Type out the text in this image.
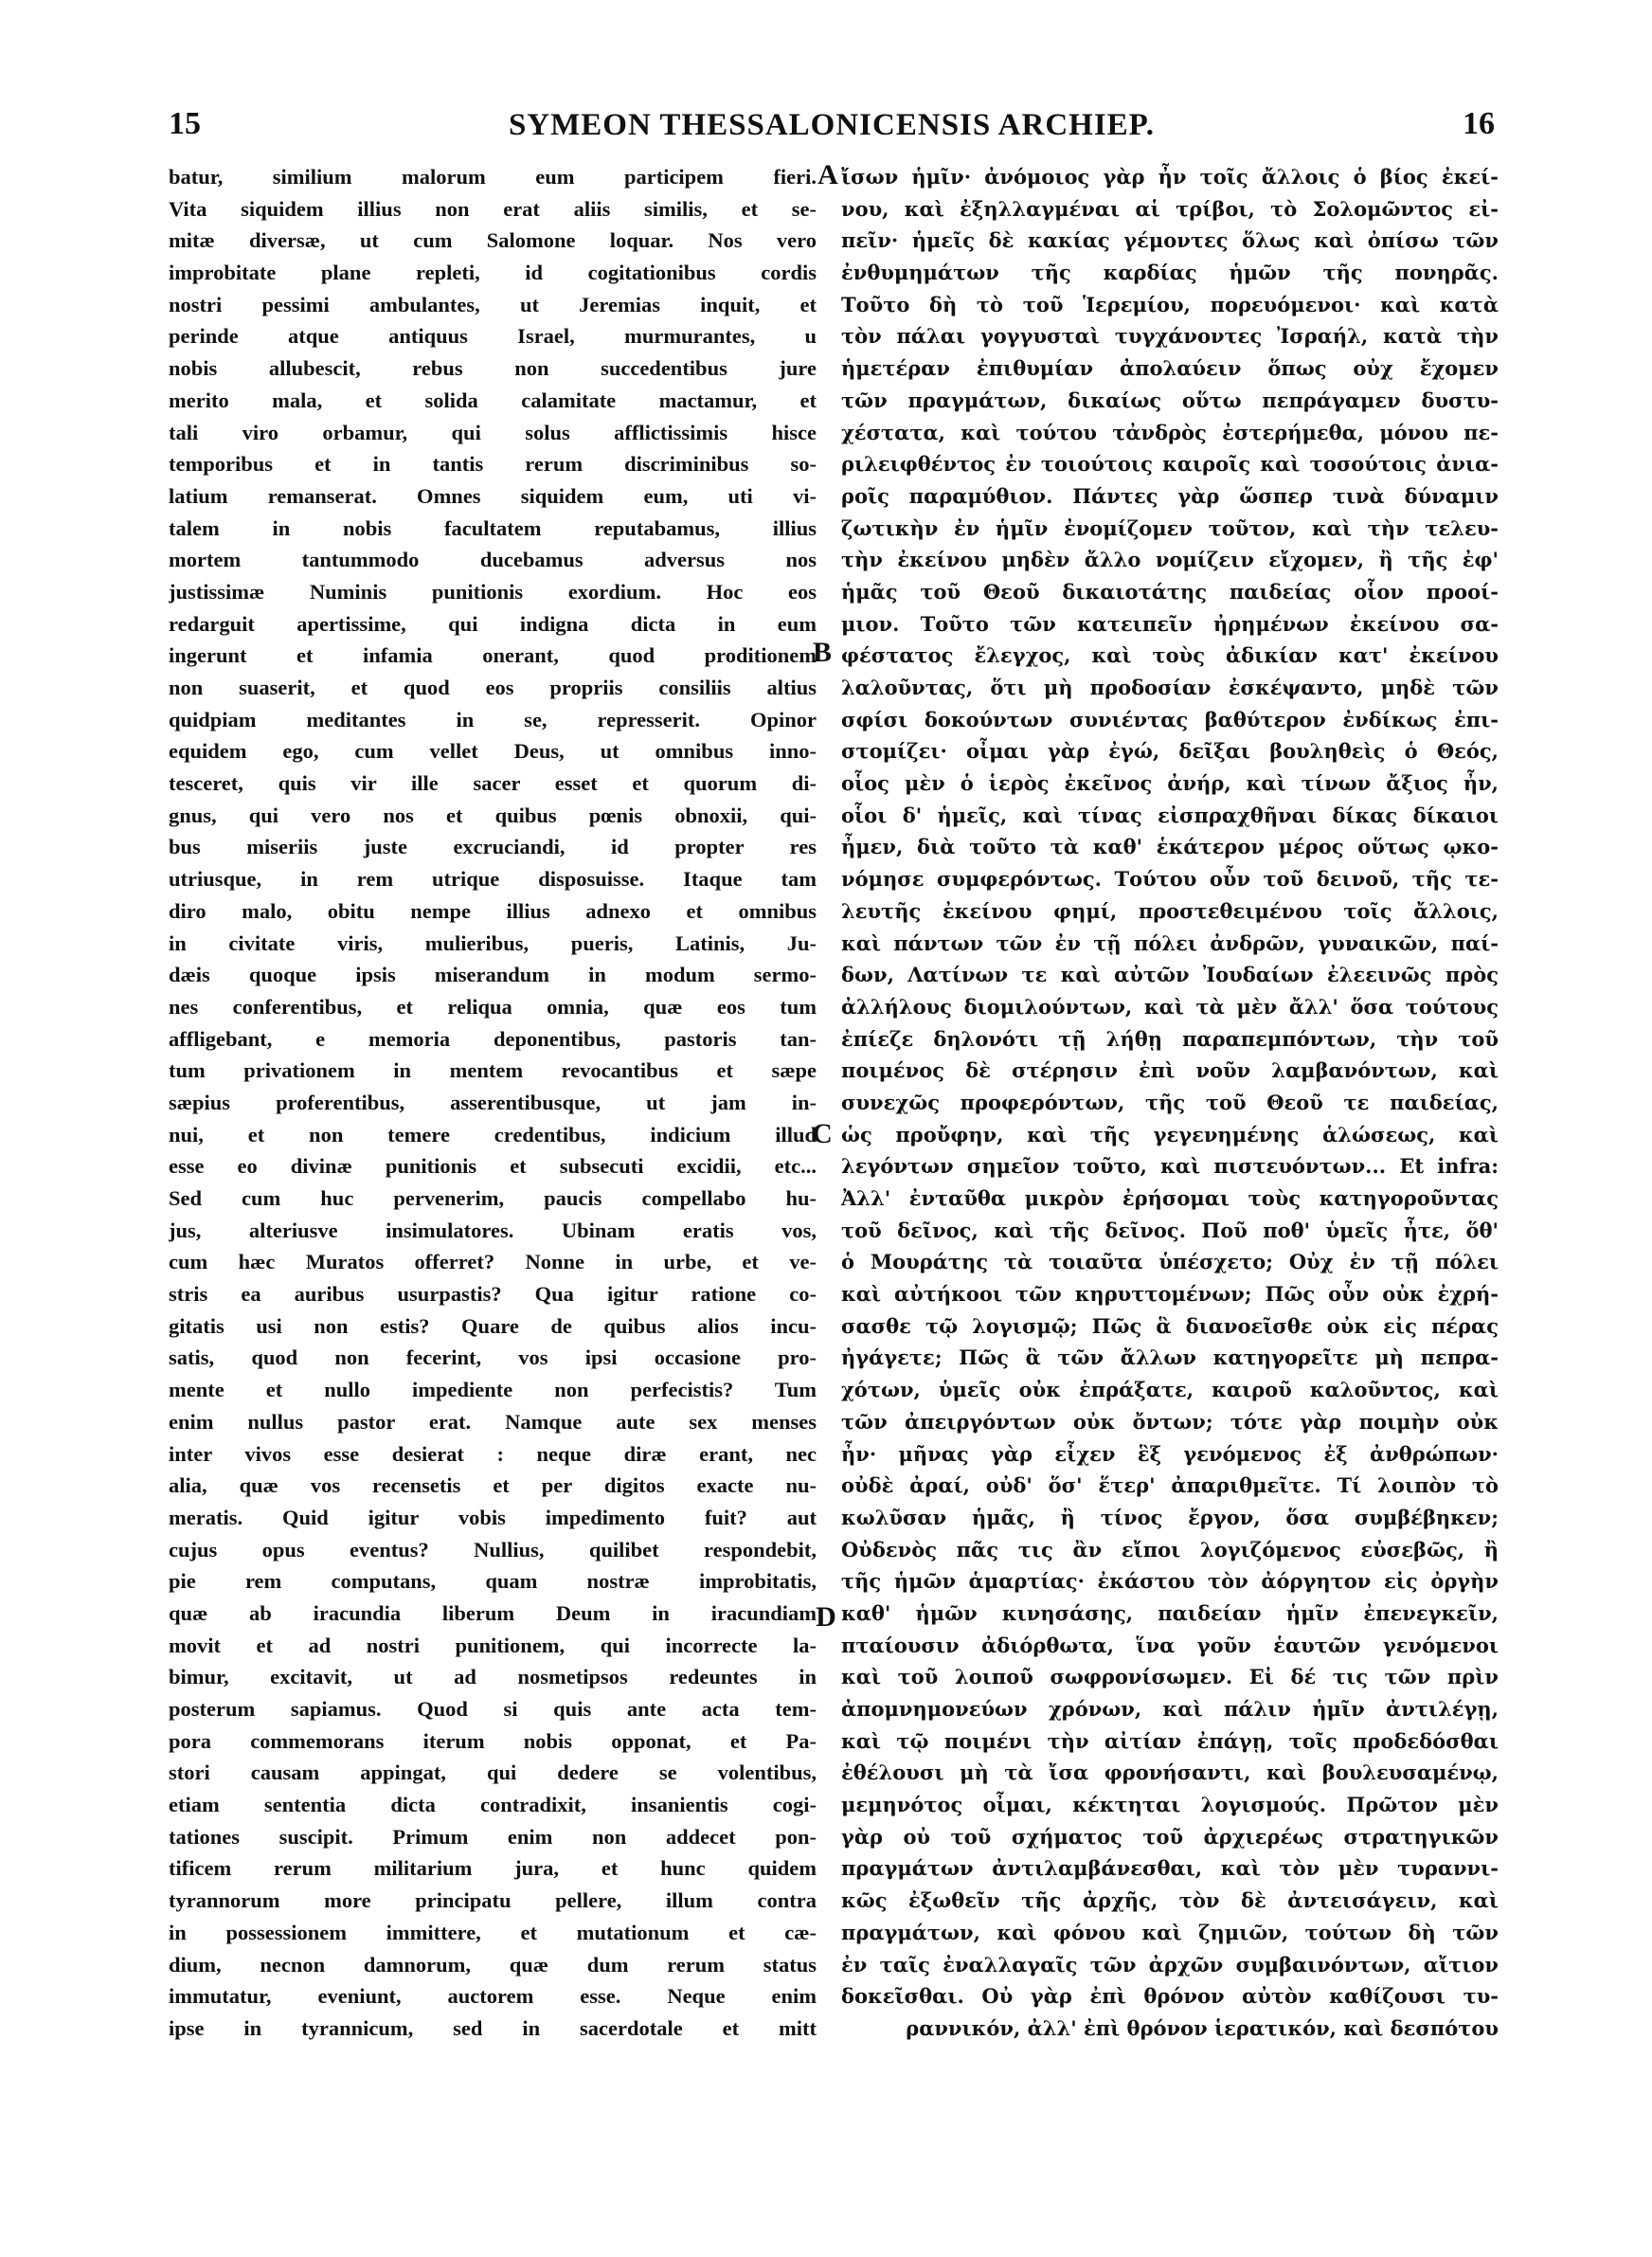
15	SYMEON THESSALONICENSIS ARCHIEP.	16
batur, similium malorum eum participem fieri.
Vita siquidem illius non erat aliis similis, et se-
mitæ diversæ, ut cum Salomone loquar. Nos vero
improbitate plane repleti, id cogitationibus cordis
nostri pessimi ambulantes, ut Jeremias inquit, et
perinde atque antiquus Israel, murmurantes, u
nobis allubescit, rebus non succedentibus jure
merito mala, et solida calamitate mactamur, et
tali viro orbamur, qui solus afflictissimis hisce
temporibus et in tantis rerum discriminibus so-
latium remanserat. Omnes siquidem eum, uti vi-
talem in nobis facultatem reputabamus, illius
mortem tantummodo ducebamus adversus nos
justissimæ Numinis punitionis exordium. Hoc eos
redarguit apertissime, qui indigna dicta in eum
ingerunt et infamia onerant, quod proditionem
non suaserit, et quod eos propriis consiliis altius
quidpiam meditantes in se, represserit. Opinor
equidem ego, cum vellet Deus, ut omnibus inno-
tesceret, quis vir ille sacer esset et quorum di-
gnus, qui vero nos et quibus pœnis obnoxii, qui-
bus miseriis juste excruciandi, id propter res
utriusque, in rem utrique disposuisse. Itaque tam
diro malo, obitu nempe illius adnexo et omnibus
in civitate viris, mulieribus, pueris, Latinis, Ju-
dæis quoque ipsis miserandum in modum sermo-
nes conferentibus, et reliqua omnia, quæ eos tum
affligebant, e memoria deponentibus, pastoris tan-
tum privationem in mentem revocantibus et sæpe
sæpius proferentibus, asserentibusque, ut jam in-
nui, et non temere credentibus, indicium illud
esse eo divinæ punitionis et subsecuti excidii, etc...
Sed cum huc pervenerim, paucis compellabo hu-
jus, alteriusve insimulatores. Ubinam eratis vos,
cum hæc Muratos offerret? Nonne in urbe, et ve-
stris ea auribus usurpastis? Qua igitur ratione co-
gitatis usi non estis? Quare de quibus alios incu-
satis, quod non fecerint, vos ipsi occasione pro-
mente et nullo impediente non perfecistis? Tum
enim nullus pastor erat. Namque aute sex menses
inter vivos esse desierat : neque diræ erant, nec
alia, quæ vos recensetis et per digitos exacte nu-
meratis. Quid igitur vobis impedimento fuit? aut
cujus opus eventus? Nullius, quilibet respondebit,
pie rem computans, quam nostræ improbitatis,
quæ ab iracundia liberum Deum in iracundiam
movit et ad nostri punitionem, qui incorrecte la-
bimur, excitavit, ut ad nosmetipsos redeuntes in
posterum sapiamus. Quod si quis ante acta tem-
pora commemorans iterum nobis opponat, et Pa-
stori causam appingat, qui dedere se volentibus,
etiam sententia dicta contradixit, insanientis cogi-
tationes suscipit. Primum enim non addecet pon-
tificem rerum militarium jura, et hunc quidem
tyrannorum more principatu pellere, illum contra
in possessionem immittere, et mutationum et cæ-
dium, necnon damnorum, quæ dum rerum status
immutatur, eveniunt, auctorem esse. Neque enim
ipse in tyrannicum, sed in sacerdotale et mitt
A
B
C
D
ἴσων ἡμῖν· ἀνόμοιος γὰρ ἦν τοῖς ἄλλοις ὁ βίος ἐκεί-
νου, καὶ ἐξηλλαγμέναι αἱ τρίβοι, τὸ Σολομῶντος εἰ-
πεῖν· ἡμεῖς δὲ κακίας γέμοντες ὅλως καὶ ὀπίσω τῶν
ἐνθυμημάτων τῆς καρδίας ἡμῶν τῆς πονηρᾶς.
Τοῦτο δὴ τὸ τοῦ Ἱερεμίου, πορευόμενοι· καὶ κατὰ
τὸν πάλαι γογγυσταὶ τυγχάνοντες Ἰσραήλ, κατὰ τὴν
ἡμετέραν ἐπιθυμίαν ἀπολαύειν ὅπως οὐχ ἔχομεν
τῶν πραγμάτων, δικαίως οὕτω πεπράγαμεν δυστυ-
χέστατα, καὶ τούτου τἀνδρὸς ἐστερήμεθα, μόνου πε-
ριλειφθέντος ἐν τοιούτοις καιροῖς καὶ τοσούτοις ἀνια-
ροῖς παραμύθιον. Πάντες γὰρ ὥσπερ τινὰ δύναμιν
ζωτικὴν ἐν ἡμῖν ἐνομίζομεν τοῦτον, καὶ τὴν τελευ-
τὴν ἐκείνου μηδὲν ἄλλο νομίζειν εἴχομεν, ἢ τῆς ἐφ'
ἡμᾶς τοῦ Θεοῦ δικαιοτάτης παιδείας οἷον προοί-
μιον. Τοῦτο τῶν κατειπεῖν ἠρημένων ἐκείνου σα-
φέστατος ἔλεγχος, καὶ τοὺς ἀδικίαν κατ' ἐκείνου
λαλοῦντας, ὅτι μὴ προδοσίαν ἐσκέψαντο, μηδὲ τῶν
σφίσι δοκούντων συνιέντας βαθύτερον ἐνδίκως ἐπι-
στομίζει· οἶμαι γὰρ ἐγώ, δεῖξαι βουληθεὶς ὁ Θεός,
οἷος μὲν ὁ ἱερὸς ἐκεῖνος ἀνήρ, καὶ τίνων ἄξιος ἦν,
οἷοι δ' ἡμεῖς, καὶ τίνας εἰσπραχθῆναι δίκας δίκαιοι
ἦμεν, διὰ τοῦτο τὰ καθ' ἑκάτερον μέρος οὕτως ῳκο-
νόμησε συμφερόντως. Τούτου οὖν τοῦ δεινοῦ, τῆς τε-
λευτῆς ἐκείνου φημί, προστεθειμένου τοῖς ἄλλοις,
καὶ πάντων τῶν ἐν τῇ πόλει ἀνδρῶν, γυναικῶν, παί-
δων, Λατίνων τε καὶ αὐτῶν Ἰουδαίων ἐλεεινῶς πρὸς
ἀλλήλους διομιλούντων, καὶ τὰ μὲν ἄλλ' ὅσα τούτους
ἐπίεζε δηλονότι τῇ λήθῃ παραπεμπόντων, τὴν τοῦ
ποιμένος δὲ στέρησιν ἐπὶ νοῦν λαμβανόντων, καὶ
συνεχῶς προφερόντων, τῆς τοῦ Θεοῦ τε παιδείας,
ὡς προὔφην, καὶ τῆς γεγενημένης ἁλώσεως, καὶ
λεγόντων σημεῖον τοῦτο, καὶ πιστευόντων... Et infra:
Ἀλλ' ἐνταῦθα μικρὸν ἐρήσομαι τοὺς κατηγοροῦντας
τοῦ δεῖνος, καὶ τῆς δεῖνος. Ποῦ ποθ' ὑμεῖς ἦτε, ὅθ'
ὁ Μουράτης τὰ τοιαῦτα ὑπέσχετο; Οὐχ ἐν τῇ πόλει
καὶ αὐτήκοοι τῶν κηρυττομένων; Πῶς οὖν οὐκ ἐχρή-
σασθε τῷ λογισμῷ; Πῶς ἃ διανοεῖσθε οὐκ εἰς πέρας
ἠγάγετε; Πῶς ἃ τῶν ἄλλων κατηγορεῖτε μὴ πεπρα-
χότων, ὑμεῖς οὐκ ἐπράξατε, καιροῦ καλοῦντος, καὶ
τῶν ἀπειργόντων οὐκ ὄντων; τότε γὰρ ποιμὴν οὐκ
ἦν· μῆνας γὰρ εἶχεν ἓξ γενόμενος ἐξ ἀνθρώπων·
οὐδὲ ἀραί, οὐδ' ὅσ' ἕτερ' ἀπαριθμεῖτε. Τί λοιπὸν τὸ
κωλῦσαν ἡμᾶς, ἢ τίνος ἔργον, ὅσα συμβέβηκεν;
Οὐδενὸς πᾶς τις ἂν εἴποι λογιζόμενος εὐσεβῶς, ἢ
τῆς ἡμῶν ἁμαρτίας· ἐκάστου τὸν ἀόργητον εἰς ὀργὴν
καθ' ἡμῶν κινησάσης, παιδείαν ἡμῖν ἐπενεγκεῖν,
πταίουσιν ἀδιόρθωτα, ἵνα γοῦν ἑαυτῶν γενόμενοι
καὶ τοῦ λοιποῦ σωφρονίσωμεν. Εἰ δέ τις τῶν πρὶν
ἀπομνημονεύων χρόνων, καὶ πάλιν ἡμῖν ἀντιλέγῃ,
καὶ τῷ ποιμένι τὴν αἰτίαν ἐπάγῃ, τοῖς προδεδόσθαι
ἐθέλουσι μὴ τὰ ἴσα φρονήσαντι, καὶ βουλευσαμένῳ,
μεμηνότος οἶμαι, κέκτηται λογισμούς. Πρῶτον μὲν
γὰρ οὐ τοῦ σχήματος τοῦ ἀρχιερέως στρατηγικῶν
πραγμάτων ἀντιλαμβάνεσθαι, καὶ τὸν μὲν τυραννι-
κῶς ἐξωθεῖν τῆς ἀρχῆς, τὸν δὲ ἀντεισάγειν, καὶ
πραγμάτων, καὶ φόνου καὶ ζημιῶν, τούτων δὴ τῶν
ἐν ταῖς ἐναλλαγαῖς τῶν ἀρχῶν συμβαινόντων, αἴτιον
δοκεῖσθαι. Οὐ γὰρ ἐπὶ θρόνον αὐτὸν καθίζουσι τυ-
ραννικόν, ἀλλ' ἐπὶ θρόνον ἱερατικόν, καὶ δεσπότου
